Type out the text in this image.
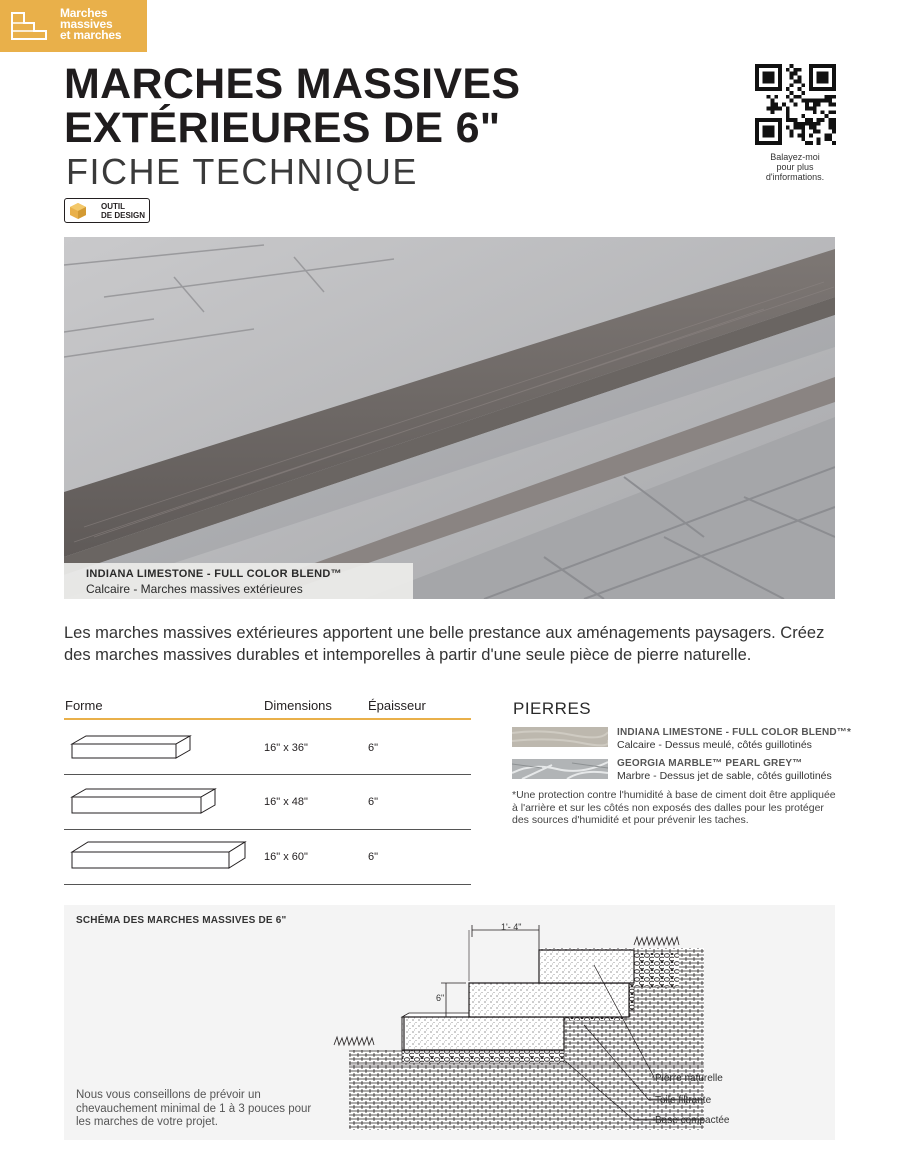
Marches
massives
et marches
MARCHES MASSIVES
EXTÉRIEURES DE 6"
FICHE TECHNIQUE
OUTIL
DE DESIGN
Balayez-moi
pour plus
d'informations.
INDIANA LIMESTONE - FULL COLOR BLEND™
Calcaire - Marches massives extérieures
Les marches massives extérieures apportent une belle prestance aux aménagements paysagers. Créez des marches massives durables et intemporelles à partir d'une seule pièce de pierre naturelle.
Forme	Dimensions	Épaisseur
16" x 36"	6"
16" x 48"	6"
16" x 60"	6"
PIERRES
INDIANA LIMESTONE - FULL COLOR BLEND™*
Calcaire - Dessus meulé, côtés guillotinés
GEORGIA MARBLE™ PEARL GREY™
Marbre - Dessus jet de sable, côtés guillotinés
*Une protection contre l'humidité à base de ciment doit être appliquée à l'arrière et sur les côtés non exposés des dalles pour les protéger des sources d'humidité et pour prévenir les taches.
SCHÉMA DES MARCHES MASSIVES DE 6"
1'- 4"
6"
Pierre naturelle
Toile filtrante
Base compactée
Nous vous conseillons de prévoir un chevauchement minimal de 1 à 3 pouces pour les marches de votre projet.
